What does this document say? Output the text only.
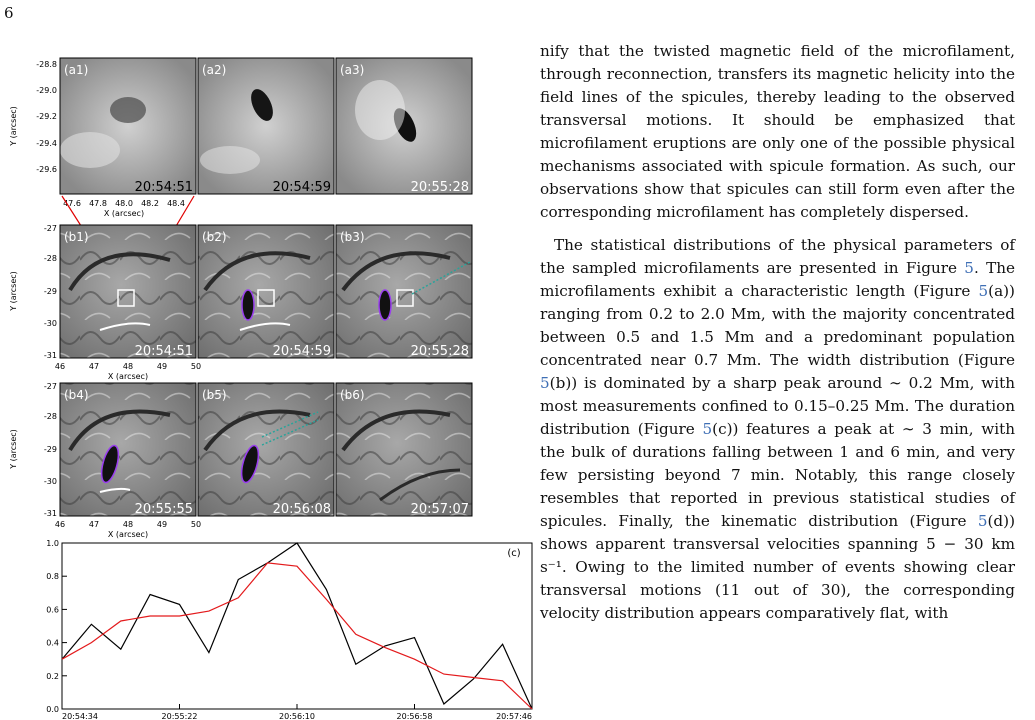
6
(a1)
20:54:51
(a2)
20:54:59
(a3)
20:55:28
Y (arcsec)
-28.8
-29.0
-29.2
-29.4
-29.6
47.6 47.8 48.0 48.2 48.4
X (arcsec)
(b1)
20:54:51
(b2)
20:54:59
(b3)
20:55:28
Y (arcsec)
-27
-28
-29
-30
-31
46	47	48	49	50
X (arcsec)
(b4)
20:55:55
(b5)
20:56:08
(b6)
20:57:07
Y (arcsec)
-27
-28
-29
-30
-31
46	47	48	49	50
X (arcsec)
(c)
0.0
0.2
0.4
0.6
0.8
1.0
20:54:34	20:55:22	20:56:10	20:56:58	20:57:46

nify that the twisted magnetic field of the microfilament, through reconnection, transfers its magnetic helicity into the field lines of the spicules, thereby leading to the observed transversal motions. It should be emphasized that microfilament eruptions are only one of the possible physical mechanisms associated with spicule formation. As such, our observations show that spicules can still form even after the corresponding microfilament has completely dispersed.

The statistical distributions of the physical parameters of the sampled microfilaments are presented in Figure 5. The microfilaments exhibit a characteristic length (Figure 5(a)) ranging from 0.2 to 2.0 Mm, with the majority concentrated between 0.5 and 1.5 Mm and a predominant population concentrated near 0.7 Mm. The width distribution (Figure 5(b)) is dominated by a sharp peak around ∼ 0.2 Mm, with most measurements confined to 0.15–0.25 Mm. The duration distribution (Figure 5(c)) features a peak at ∼ 3 min, with the bulk of durations falling between 1 and 6 min, and very few persisting beyond 7 min. Notably, this range closely resembles that reported in previous statistical studies of spicules. Finally, the kinematic distribution (Figure 5(d)) shows apparent transversal velocities spanning 5 − 30 km s⁻¹. Owing to the limited number of events showing clear transversal motions (11 out of 30), the corresponding velocity distribution appears comparatively flat, with
